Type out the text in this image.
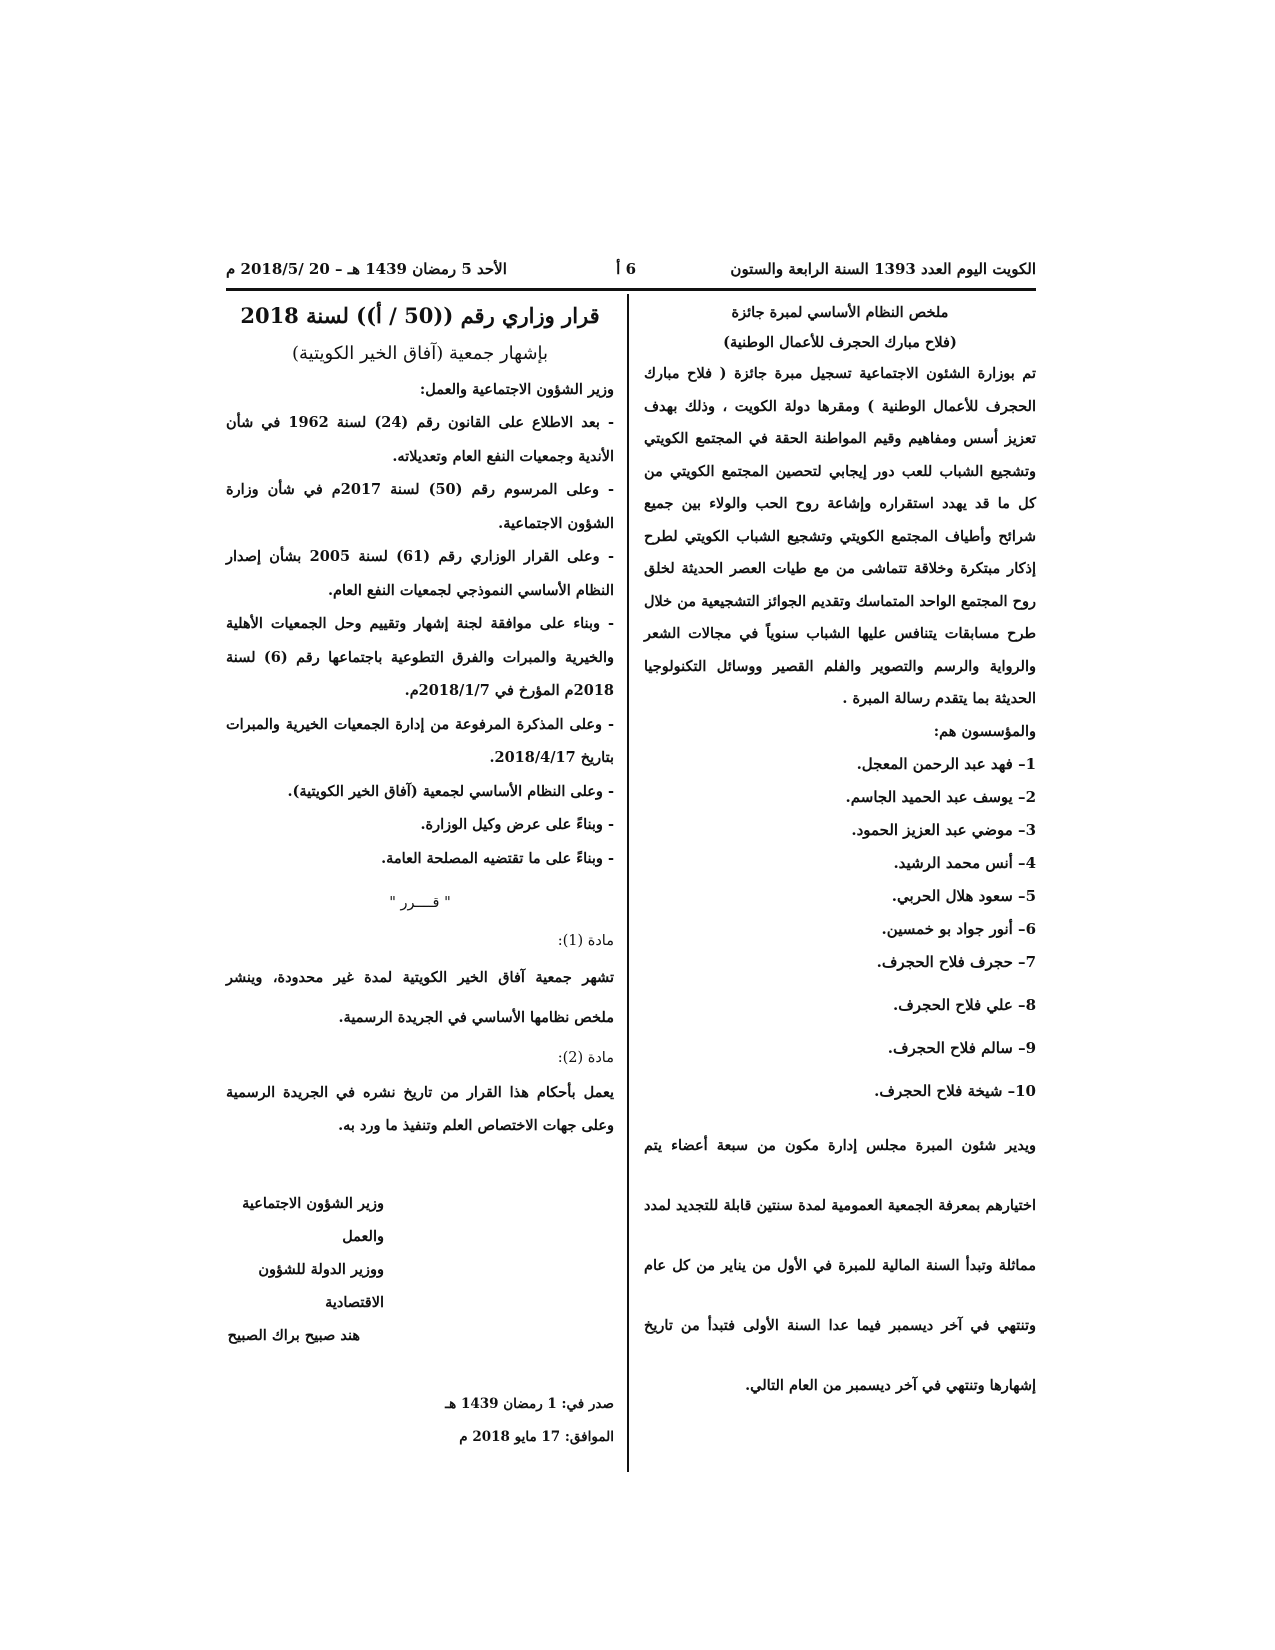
الكويت اليوم العدد 1393 السنة الرابعة والستون
6 أ
الأحد 5 رمضان 1439 هـ – 20 /2018/5 م

ملخص النظام الأساسي لمبرة جائزة

(فلاح مبارك الحجرف للأعمال الوطنية)

تم بوزارة الشئون الاجتماعية تسجيل مبرة جائزة ( فلاح مبارك الحجرف للأعمال الوطنية ) ومقرها دولة الكويت ، وذلك بهدف تعزيز أسس ومفاهيم وقيم المواطنة الحقة في المجتمع الكويتي وتشجيع الشباب للعب دور إيجابي لتحصين المجتمع الكويتي من كل ما قد يهدد استقراره وإشاعة روح الحب والولاء بين جميع شرائح وأطياف المجتمع الكويتي وتشجيع الشباب الكويتي لطرح إذكار مبتكرة وخلاقة تتماشى من مع طيات العصر الحديثة لخلق روح المجتمع الواحد المتماسك وتقديم الجوائز التشجيعية من خلال طرح مسابقات يتنافس عليها الشباب سنوياً في مجالات الشعر والرواية والرسم والتصوير والفلم القصير ووسائل التكنولوجيا الحديثة بما يتقدم رسالة المبرة .

والمؤسسون هم:

1– فهد عبد الرحمن المعجل.
2– يوسف عبد الحميد الجاسم.
3– موضي عبد العزيز الحمود.
4– أنس محمد الرشيد.
5– سعود هلال الحربي.
6– أنور جواد بو خمسين.
7– حجرف فلاح الحجرف.
8– علي فلاح الحجرف.
9– سالم فلاح الحجرف.
10– شيخة فلاح الحجرف.

ويدير شئون المبرة مجلس إدارة مكون من سبعة أعضاء يتم اختيارهم بمعرفة الجمعية العمومية لمدة سنتين قابلة للتجديد لمدد مماثلة وتبدأ السنة المالية للمبرة في الأول من يناير من كل عام وتنتهي في آخر ديسمبر فيما عدا السنة الأولى فتبدأ من تاريخ إشهارها وتنتهي في آخر ديسمبر من العام التالي.

قرار وزاري رقم ((50 / أ)) لسنة 2018

بإشهار جمعية (آفاق الخير الكويتية)

وزير الشؤون الاجتماعية والعمل:

- بعد الاطلاع على القانون رقم (24) لسنة 1962 في شأن الأندية وجمعيات النفع العام وتعديلاته.

- وعلى المرسوم رقم (50) لسنة 2017م في شأن وزارة الشؤون الاجتماعية.

- وعلى القرار الوزاري رقم (61) لسنة 2005 بشأن إصدار النظام الأساسي النموذجي لجمعيات النفع العام.

- وبناء على موافقة لجنة إشهار وتقييم وحل الجمعيات الأهلية والخيرية والمبرات والفرق التطوعية باجتماعها رقم (6) لسنة 2018م المؤرخ في 2018/1/7م.

- وعلى المذكرة المرفوعة من إدارة الجمعيات الخيرية والمبرات بتاريخ 2018/4/17.

- وعلى النظام الأساسي لجمعية (آفاق الخير الكويتية).

- وبناءً على عرض وكيل الوزارة.

- وبناءً على ما تقتضيه المصلحة العامة.

" قــــرر "

مادة (1):

تشهر جمعية آفاق الخير الكويتية لمدة غير محدودة، وينشر ملخص نظامها الأساسي في الجريدة الرسمية.

مادة (2):

يعمل بأحكام هذا القرار من تاريخ نشره في الجريدة الرسمية وعلى جهات الاختصاص العلم وتنفيذ ما ورد به.

وزير الشؤون الاجتماعية والعمل
ووزير الدولة للشؤون الاقتصادية
هند صبيح براك الصبيح
صدر في: 1 رمضان 1439 هـ
الموافق: 17 مايو 2018 م
